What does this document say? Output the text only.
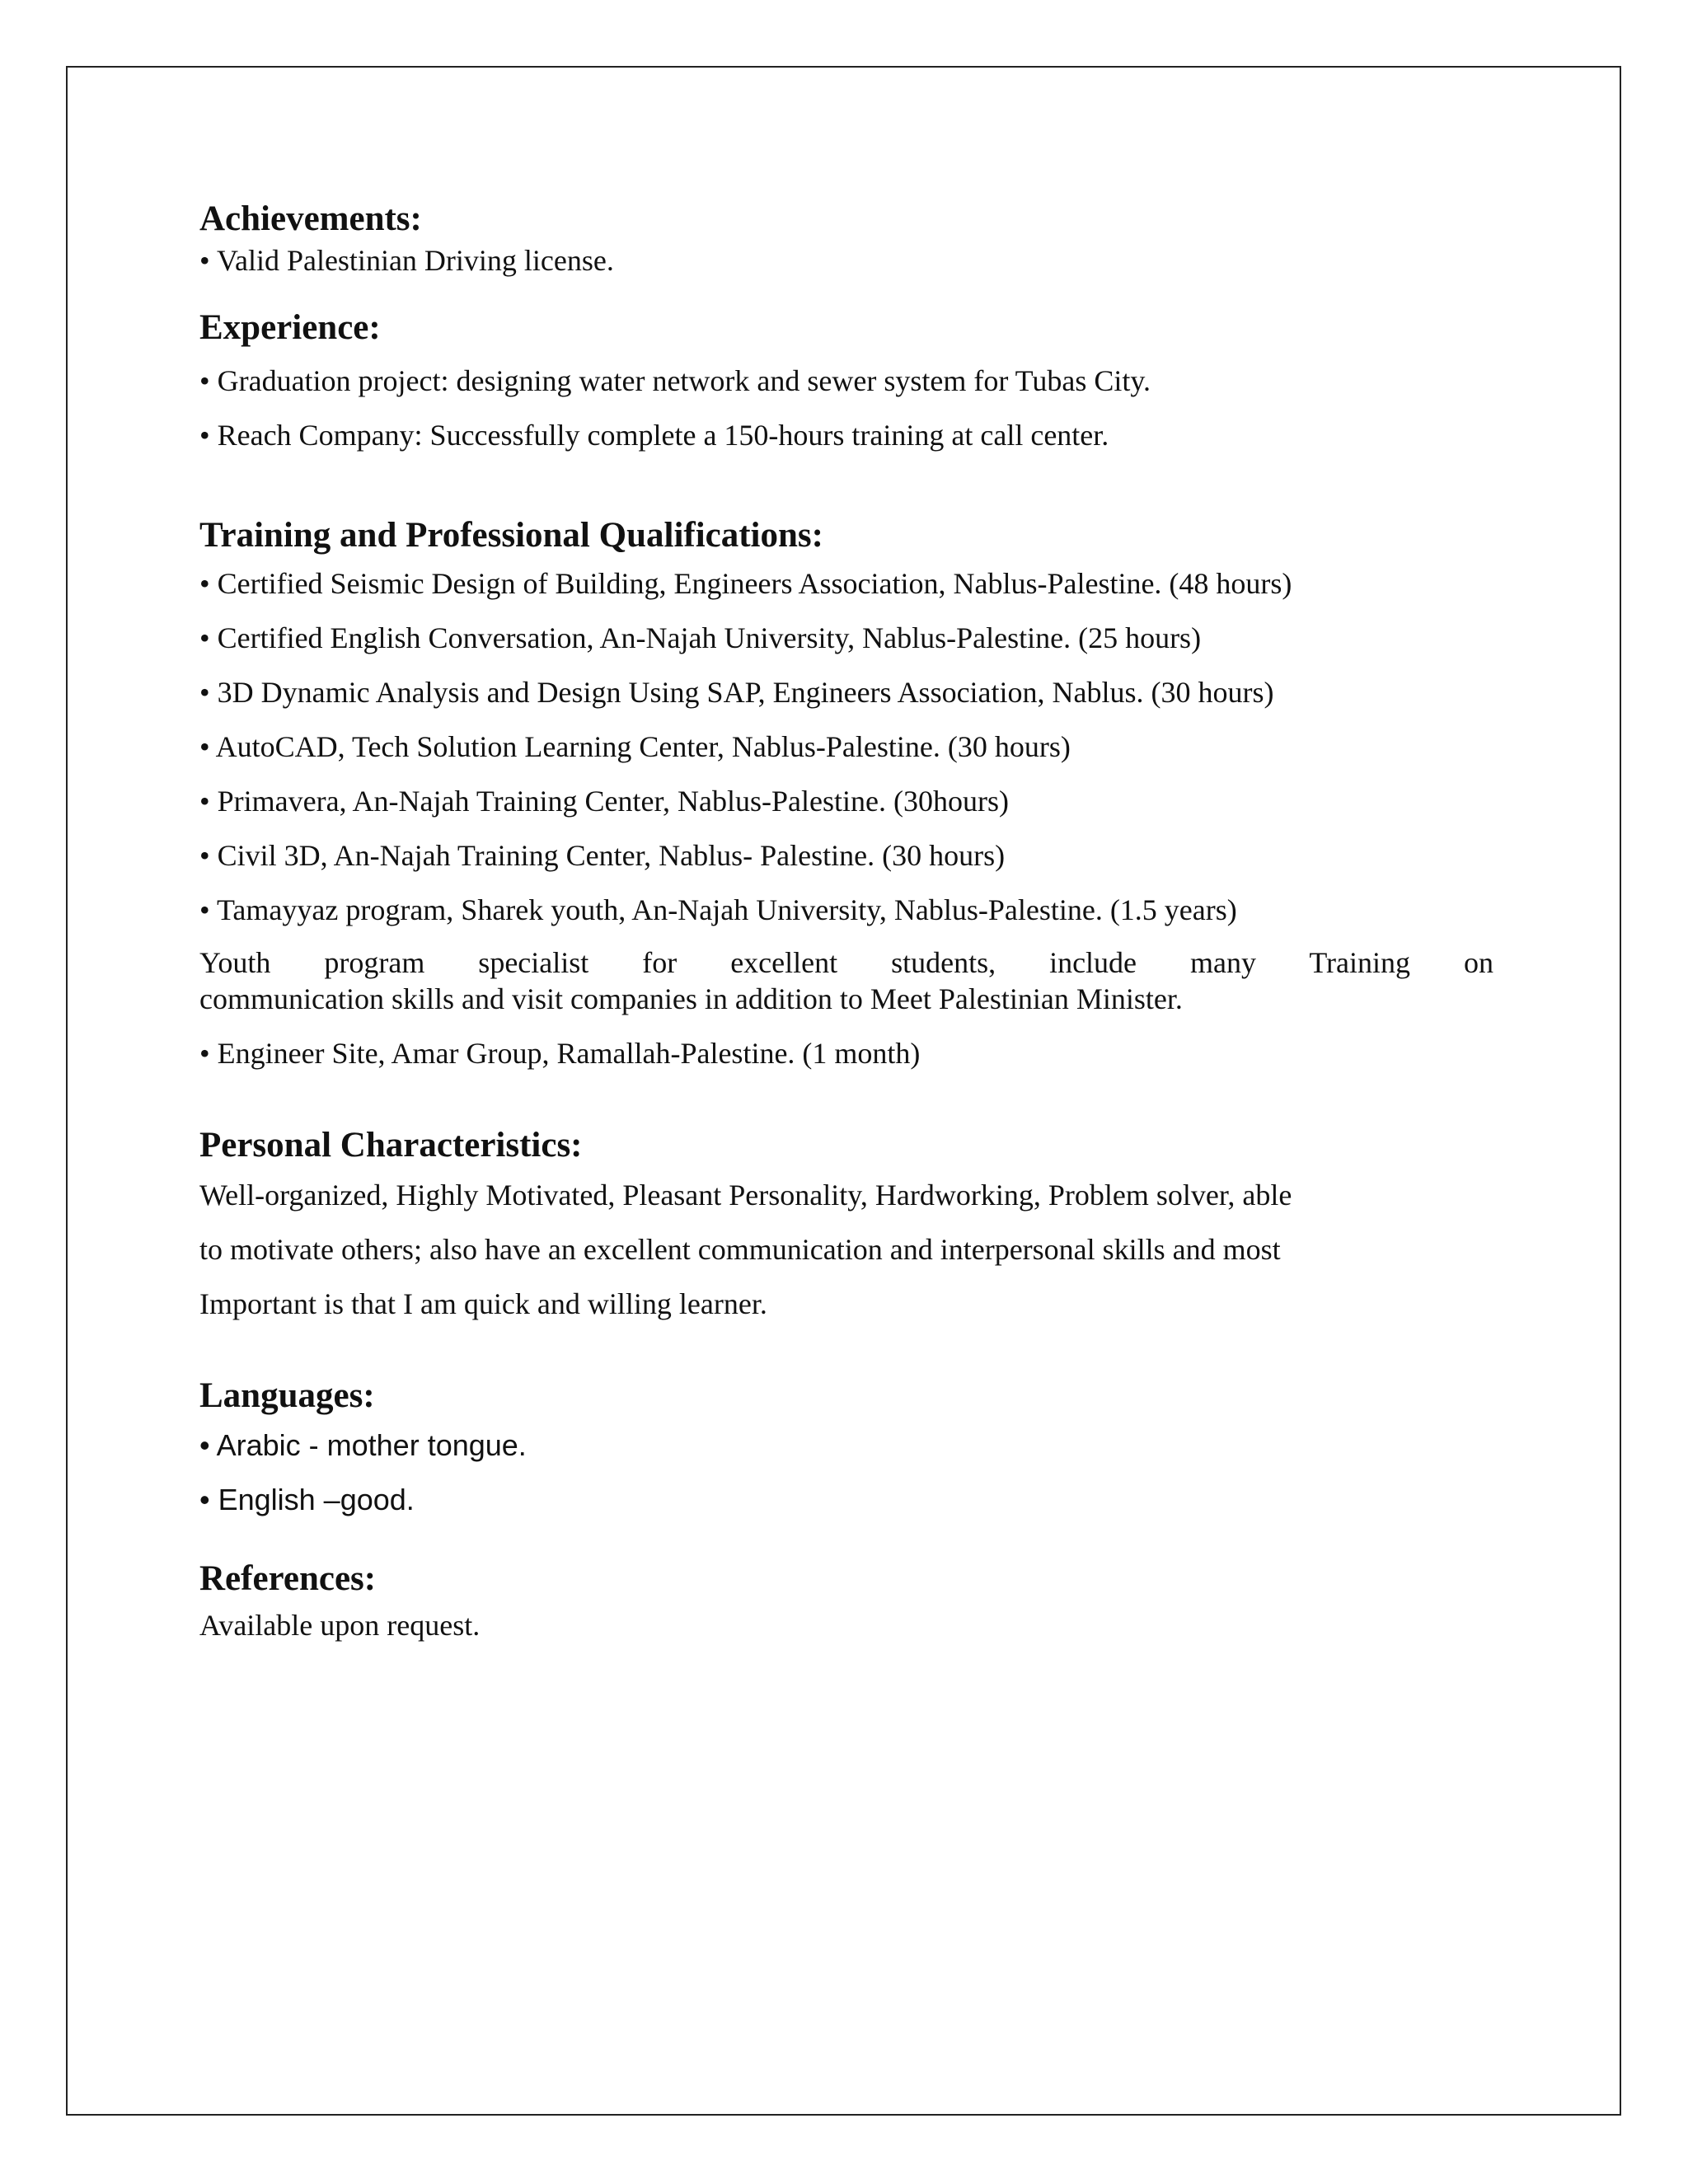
Achievements:

• Valid Palestinian Driving license.

Experience:

• Graduation project: designing water network and sewer system for Tubas City.

• Reach Company: Successfully complete a 150-hours training at call center.

Training and Professional Qualifications:

• Certified Seismic Design of Building, Engineers Association, Nablus-Palestine. (48 hours)

• Certified English Conversation, An-Najah University, Nablus-Palestine. (25 hours)

• 3D Dynamic Analysis and Design Using SAP, Engineers Association, Nablus. (30 hours)

• AutoCAD, Tech Solution Learning Center, Nablus-Palestine. (30 hours)

• Primavera, An-Najah Training Center, Nablus-Palestine. (30hours)

• Civil 3D, An-Najah Training Center, Nablus- Palestine. (30 hours)

• Tamayyaz program, Sharek youth, An-Najah University, Nablus-Palestine. (1.5 years)

Youth program specialist for excellent students, include many Training on
communication skills and visit companies in addition to Meet Palestinian Minister.

• Engineer Site, Amar Group, Ramallah-Palestine. (1 month)

Personal Characteristics:

Well-organized, Highly Motivated, Pleasant Personality, Hardworking, Problem solver, able

to motivate others; also have an excellent communication and interpersonal skills and most

Important is that I am quick and willing learner.

Languages:

• Arabic - mother tongue.

• English –good.

References:

Available upon request.
